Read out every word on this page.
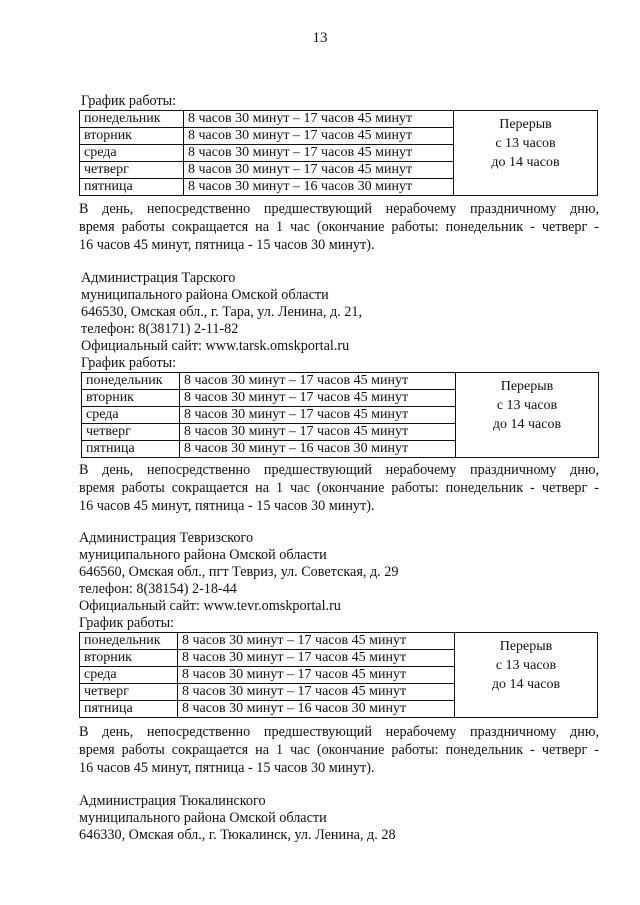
13
График работы:
понедельник	8 часов 30 минут – 17 часов 45 минут	Перерыв
с 13 часов
до 14 часов

вторник	8 часов 30 минут – 17 часов 45 минут	
среда	8 часов 30 минут – 17 часов 45 минут	
четверг	8 часов 30 минут – 17 часов 45 минут	
пятница	8 часов 30 минут – 16 часов 30 минут	
В день, непосредственно предшествующий нерабочему праздничному дню,
время работы сокращается на 1 час (окончание работы: понедельник - четверг -
16 часов 45 минут, пятница - 15 часов 30 минут).
Администрация Тарского
муниципального района Омской области
646530, Омская обл., г. Тара, ул. Ленина, д. 21,
телефон: 8(38171) 2-11-82
Официальный сайт: www.tarsk.omskportal.ru
График работы:
понедельник	8 часов 30 минут – 17 часов 45 минут	Перерыв
с 13 часов
до 14 часов

вторник	8 часов 30 минут – 17 часов 45 минут	
среда	8 часов 30 минут – 17 часов 45 минут	
четверг	8 часов 30 минут – 17 часов 45 минут	
пятница	8 часов 30 минут – 16 часов 30 минут	
В день, непосредственно предшествующий нерабочему праздничному дню,
время работы сокращается на 1 час (окончание работы: понедельник - четверг -
16 часов 45 минут, пятница - 15 часов 30 минут).
Администрация Тевризского
муниципального района Омской области
646560, Омская обл., пгт Тевриз, ул. Советская, д. 29
телефон: 8(38154) 2-18-44
Официальный сайт: www.tevr.omskportal.ru
График работы:
понедельник	8 часов 30 минут – 17 часов 45 минут	Перерыв
с 13 часов
до 14 часов

вторник	8 часов 30 минут – 17 часов 45 минут	
среда	8 часов 30 минут – 17 часов 45 минут	
четверг	8 часов 30 минут – 17 часов 45 минут	
пятница	8 часов 30 минут – 16 часов 30 минут	
В день, непосредственно предшествующий нерабочему праздничному дню,
время работы сокращается на 1 час (окончание работы: понедельник - четверг -
16 часов 45 минут, пятница - 15 часов 30 минут).
Администрация Тюкалинского
муниципального района Омской области
646330, Омская обл., г. Тюкалинск, ул. Ленина, д. 28
